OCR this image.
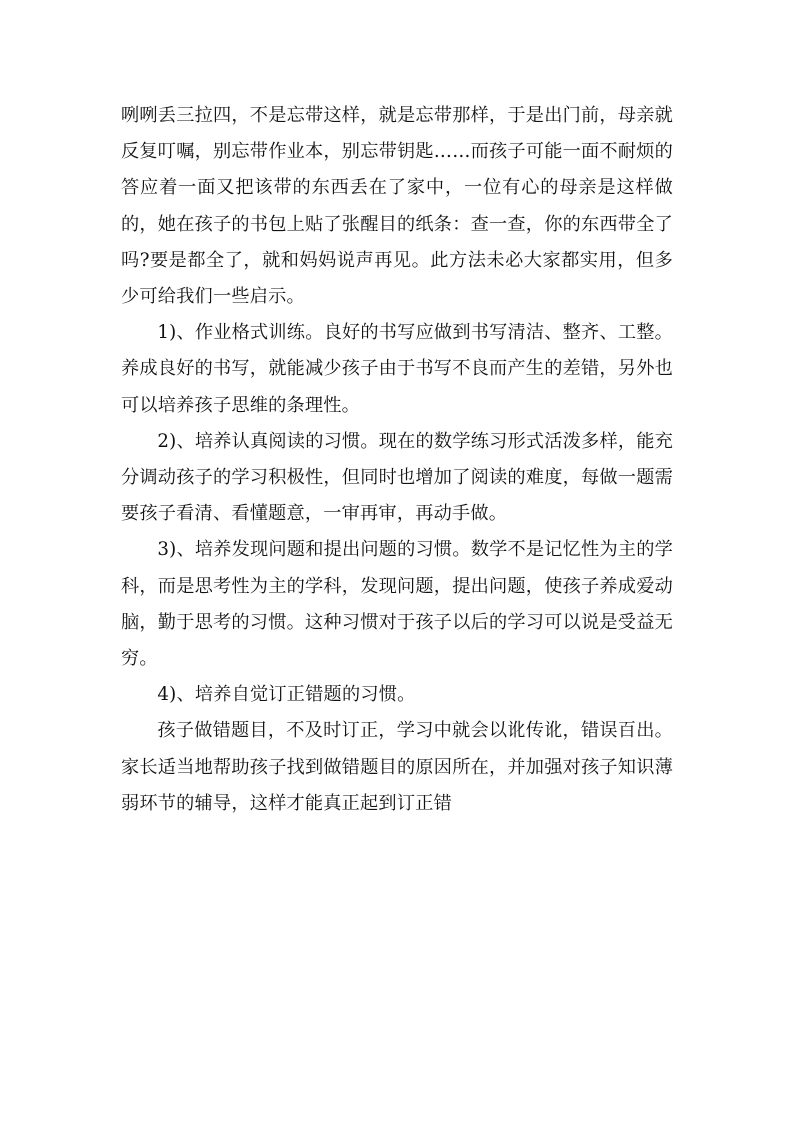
咧咧丢三拉四，不是忘带这样，就是忘带那样，于是出门前，母亲就反复叮嘱，别忘带作业本，别忘带钥匙……而孩子可能一面不耐烦的答应着一面又把该带的东西丢在了家中，一位有心的母亲是这样做的，她在孩子的书包上贴了张醒目的纸条：查一查，你的东西带全了吗?要是都全了，就和妈妈说声再见。此方法未必大家都实用，但多少可给我们一些启示。

1)、作业格式训练。良好的书写应做到书写清洁、整齐、工整。养成良好的书写，就能减少孩子由于书写不良而产生的差错，另外也可以培养孩子思维的条理性。

2)、培养认真阅读的习惯。现在的数学练习形式活泼多样，能充分调动孩子的学习积极性，但同时也增加了阅读的难度，每做一题需要孩子看清、看懂题意，一审再审，再动手做。

3)、培养发现问题和提出问题的习惯。数学不是记忆性为主的学科，而是思考性为主的学科，发现问题，提出问题，使孩子养成爱动脑，勤于思考的习惯。这种习惯对于孩子以后的学习可以说是受益无穷。

4)、培养自觉订正错题的习惯。

孩子做错题目，不及时订正，学习中就会以讹传讹，错误百出。家长适当地帮助孩子找到做错题目的原因所在，并加强对孩子知识薄弱环节的辅导，这样才能真正起到订正错
